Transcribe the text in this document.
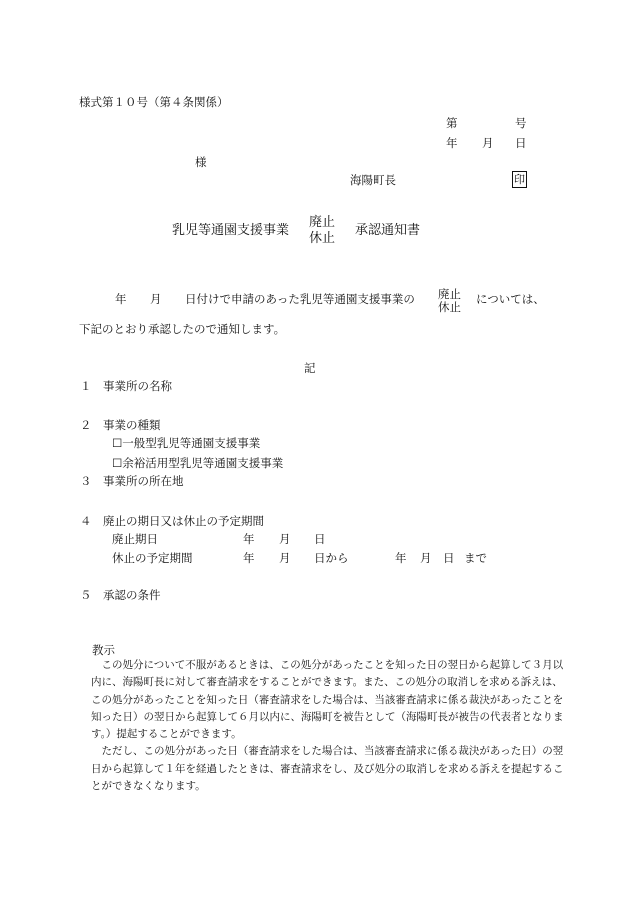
様式第１０号（第４条関係）
第	号
年 月 日
様
海陽町長	印
乳児等通園支援事業
廃止
休止
承認通知書
年 月 日付けで申請のあった乳児等通園支援事業の 廃止
休止
については、
下記のとおり承認したので通知します。
記
１　事業所の名称
２　事業の種類
☐一般型乳児等通園支援事業
☐余裕活用型乳児等通園支援事業
３　事業所の所在地
４　廃止の期日又は休止の予定期間
廃止期日	年 月 日
休止の予定期間	年 月 日から	年 月 日 まで
５　承認の条件
教示
　この処分について不服があるときは、この処分があったことを知った日の翌日から起算して３月以
内に、海陽町長に対して審査請求をすることができます。また、この処分の取消しを求める訴えは、
この処分があったことを知った日（審査請求をした場合は、当該審査請求に係る裁決があったことを
知った日）の翌日から起算して６月以内に、海陽町を被告として（海陽町長が被告の代表者となりま
す。）提起することができます。
　ただし、この処分があった日（審査請求をした場合は、当該審査請求に係る裁決があった日）の翌
日から起算して１年を経過したときは、審査請求をし、及び処分の取消しを求める訴えを提起するこ
とができなくなります。
